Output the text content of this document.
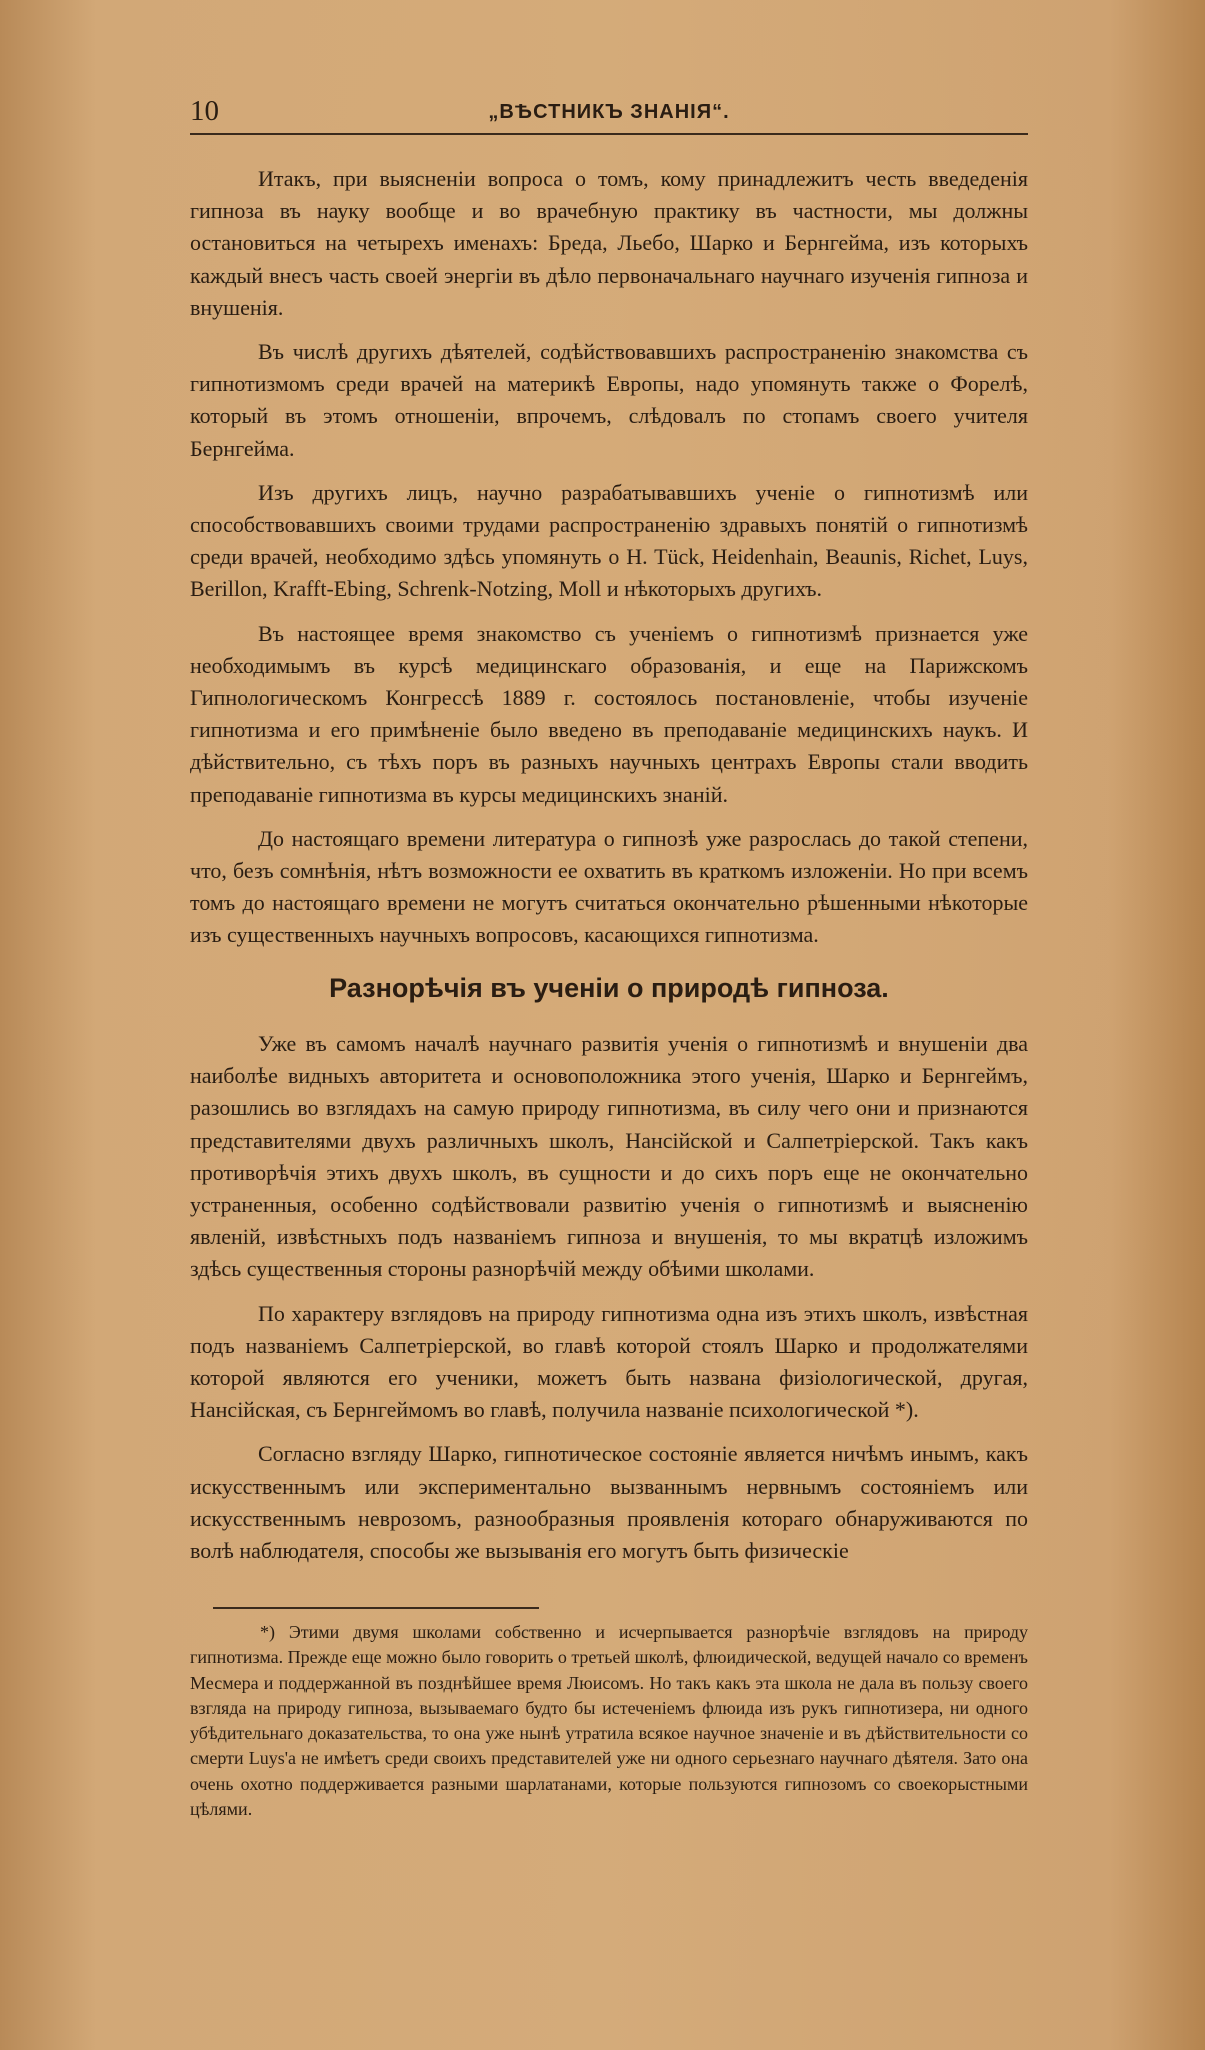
10	„ВѢСТНИКЪ ЗНАНІЯ“.

Итакъ, при выясненіи вопроса о томъ, кому принадлежитъ честь введеденія гипноза въ науку вообще и во врачебную практику въ частности, мы должны остановиться на четырехъ именахъ: Бреда, Льебо, Шарко и Бернгейма, изъ которыхъ каждый внесъ часть своей энергіи въ дѣло первоначальнаго научнаго изученія гипноза и внушенія.

Въ числѣ другихъ дѣятелей, содѣйствовавшихъ распространенію знакомства съ гипнотизмомъ среди врачей на материкѣ Европы, надо упомянуть также о Форелѣ, который въ этомъ отношеніи, впрочемъ, слѣдовалъ по стопамъ своего учителя Бернгейма.

Изъ другихъ лицъ, научно разрабатывавшихъ ученіе о гипнотизмѣ или способствовавшихъ своими трудами распространенію здравыхъ понятій о гипнотизмѣ среди врачей, необходимо здѣсь упомянуть о H. Tück, Heidenhain, Beaunis, Richet, Luys, Berillon, Krafft-Ebing, Schrenk-Notzing, Moll и нѣкоторыхъ другихъ.

Въ настоящее время знакомство съ ученіемъ о гипнотизмѣ признается уже необходимымъ въ курсѣ медицинскаго образованія, и еще на Парижскомъ Гипнологическомъ Конгрессѣ 1889 г. состоялось постановленіе, чтобы изученіе гипнотизма и его примѣненіе было введено въ преподаваніе медицинскихъ наукъ. И дѣйствительно, съ тѣхъ поръ въ разныхъ научныхъ центрахъ Европы стали вводить преподаваніе гипнотизма въ курсы медицинскихъ знаній.

До настоящаго времени литература о гипнозѣ уже разрослась до такой степени, что, безъ сомнѣнія, нѣтъ возможности ее охватить въ краткомъ изложеніи. Но при всемъ томъ до настоящаго времени не могутъ считаться окончательно рѣшенными нѣкоторые изъ существенныхъ научныхъ вопросовъ, касающихся гипнотизма.

Разнорѣчія въ ученіи о природѣ гипноза.

Уже въ самомъ началѣ научнаго развитія ученія о гипнотизмѣ и внушеніи два наиболѣе видныхъ авторитета и основоположника этого ученія, Шарко и Бернгеймъ, разошлись во взглядахъ на самую природу гипнотизма, въ силу чего они и признаются представителями двухъ различныхъ школъ, Нансійской и Салпетріерской. Такъ какъ противорѣчія этихъ двухъ школъ, въ сущности и до сихъ поръ еще не окончательно устраненныя, особенно содѣйствовали развитію ученія о гипнотизмѣ и выясненію явленій, извѣстныхъ подъ названіемъ гипноза и внушенія, то мы вкратцѣ изложимъ здѣсь существенныя стороны разнорѣчій между обѣими школами.

По характеру взглядовъ на природу гипнотизма одна изъ этихъ школъ, извѣстная подъ названіемъ Салпетріерской, во главѣ которой стоялъ Шарко и продолжателями которой являются его ученики, можетъ быть названа физіологической, другая, Нансійская, съ Бернгеймомъ во главѣ, получила названіе психологической *).

Согласно взгляду Шарко, гипнотическое состояніе является ничѣмъ инымъ, какъ искусственнымъ или экспериментально вызваннымъ нервнымъ состояніемъ или искусственнымъ неврозомъ, разнообразныя проявленія котораго обнаруживаются по волѣ наблюдателя, способы же вызыванія его могутъ быть физическіе

*) Этими двумя школами собственно и исчерпывается разнорѣчіе взглядовъ на природу гипнотизма. Прежде еще можно было говорить о третьей школѣ, флюидической, ведущей начало со временъ Месмера и поддержанной въ позднѣйшее время Люисомъ. Но такъ какъ эта школа не дала въ пользу своего взгляда на природу гипноза, вызываемаго будто бы истеченіемъ флюида изъ рукъ гипнотизера, ни одного убѣдительнаго доказательства, то она уже нынѣ утратила всякое научное значеніе и въ дѣйствительности со смерти Luys'а не имѣетъ среди своихъ представителей уже ни одного серьезнаго научнаго дѣятеля. Зато она очень охотно поддерживается разными шарлатанами, которые пользуются гипнозомъ со своекорыстными цѣлями.
